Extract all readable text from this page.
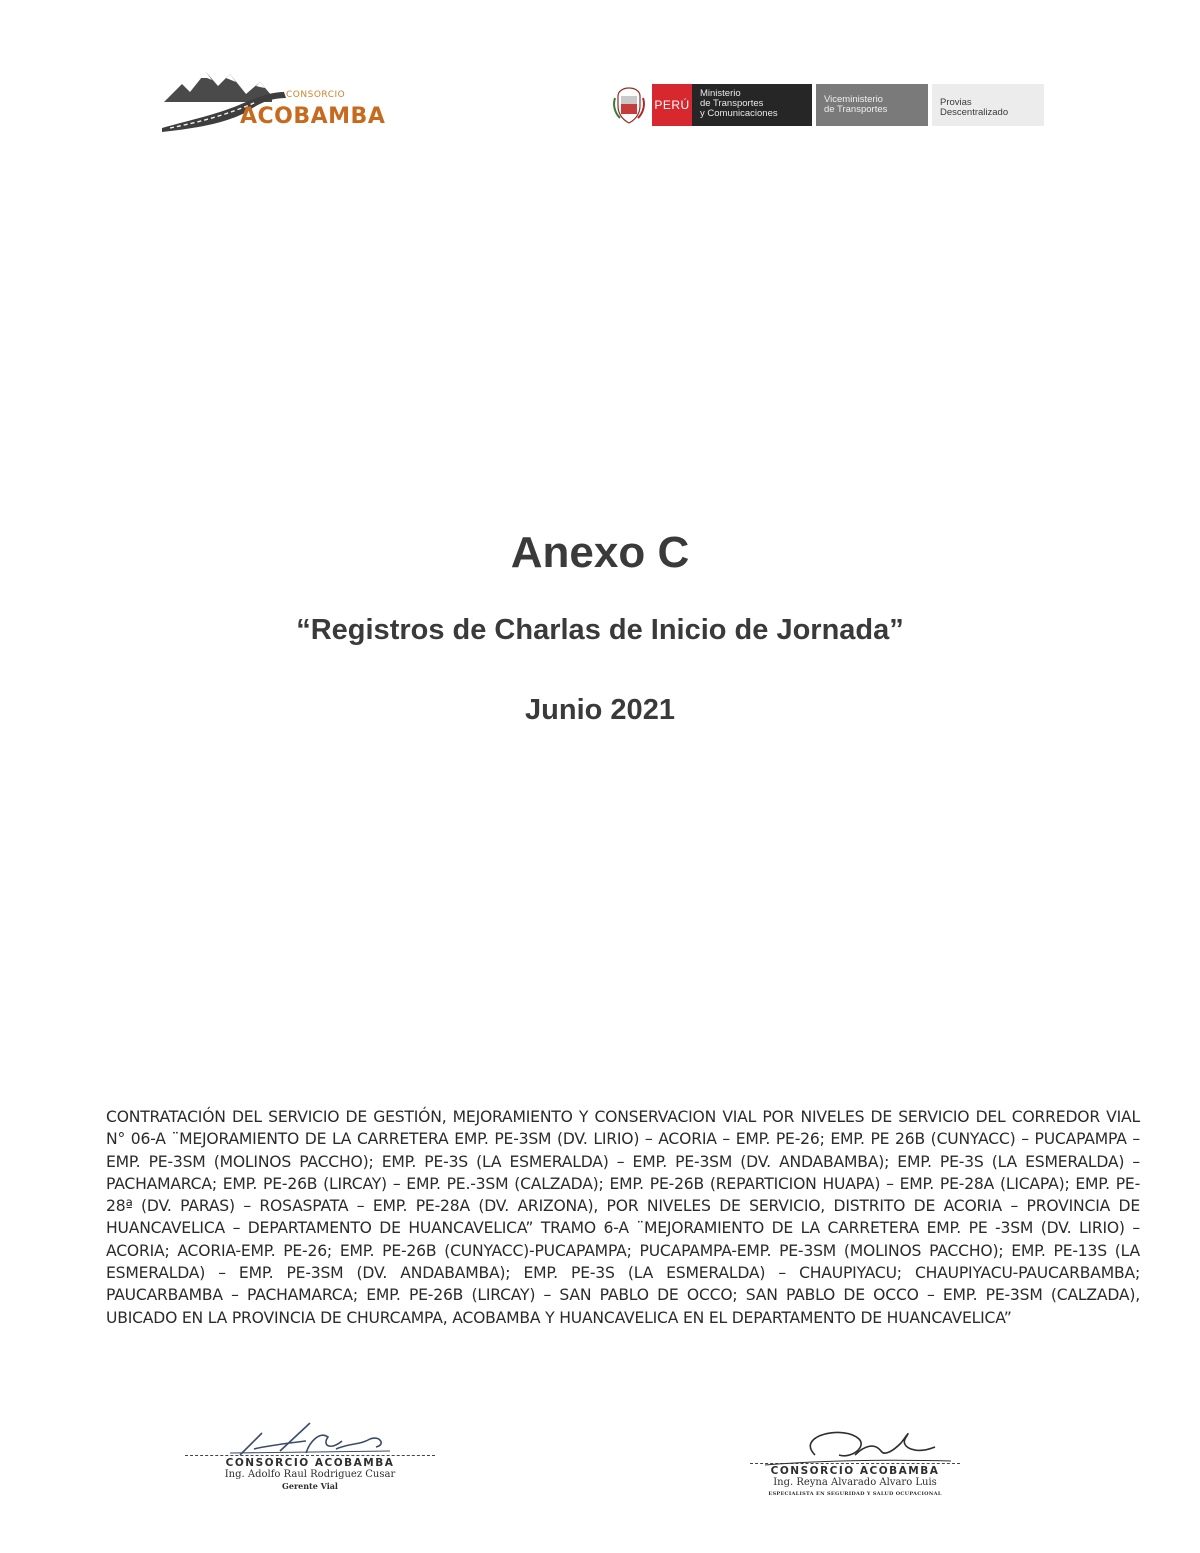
CONSORCIO
ACOBAMBA	PERÚ
Ministerio
de Transportes
y Comunicaciones
Viceministerio
de Transportes
Provias
Descentralizado
Anexo C
“Registros de Charlas de Inicio de Jornada”
Junio 2021
CONTRATACIÓN DEL SERVICIO DE GESTIÓN, MEJORAMIENTO Y CONSERVACION VIAL POR NIVELES DE SERVICIO DEL CORREDOR VIAL N° 06-A ¨MEJORAMIENTO DE LA CARRETERA EMP. PE-3SM (DV. LIRIO) – ACORIA – EMP. PE-26; EMP. PE 26B (CUNYACC) – PUCAPAMPA – EMP. PE-3SM (MOLINOS PACCHO); EMP. PE-3S (LA ESMERALDA) – EMP. PE-3SM (DV. ANDABAMBA); EMP. PE-3S (LA ESMERALDA) – PACHAMARCA; EMP. PE-26B (LIRCAY) – EMP. PE.-3SM (CALZADA); EMP. PE-26B (REPARTICION HUAPA) – EMP. PE-28A (LICAPA); EMP. PE-28ª (DV. PARAS) – ROSASPATA – EMP. PE-28A (DV. ARIZONA), POR NIVELES DE SERVICIO, DISTRITO DE ACORIA – PROVINCIA DE HUANCAVELICA – DEPARTAMENTO DE HUANCAVELICA” TRAMO 6-A ¨MEJORAMIENTO DE LA CARRETERA EMP. PE -3SM (DV. LIRIO) – ACORIA; ACORIA-EMP. PE-26; EMP. PE-26B (CUNYACC)-PUCAPAMPA; PUCAPAMPA-EMP. PE-3SM (MOLINOS PACCHO); EMP. PE-13S (LA ESMERALDA) – EMP. PE-3SM (DV. ANDABAMBA); EMP. PE-3S (LA ESMERALDA) – CHAUPIYACU; CHAUPIYACU-PAUCARBAMBA; PAUCARBAMBA – PACHAMARCA; EMP. PE-26B (LIRCAY) – SAN PABLO DE OCCO; SAN PABLO DE OCCO – EMP. PE-3SM (CALZADA), UBICADO EN LA PROVINCIA DE CHURCAMPA, ACOBAMBA Y HUANCAVELICA EN EL DEPARTAMENTO DE HUANCAVELICA”
CONSORCIO ACOBAMBA
Ing. Adolfo Raul Rodriguez Cusar
Gerente Vial
CONSORCIO ACOBAMBA
Ing. Reyna Alvarado Alvaro Luis
ESPECIALISTA EN SEGURIDAD Y SALUD OCUPACIONAL
